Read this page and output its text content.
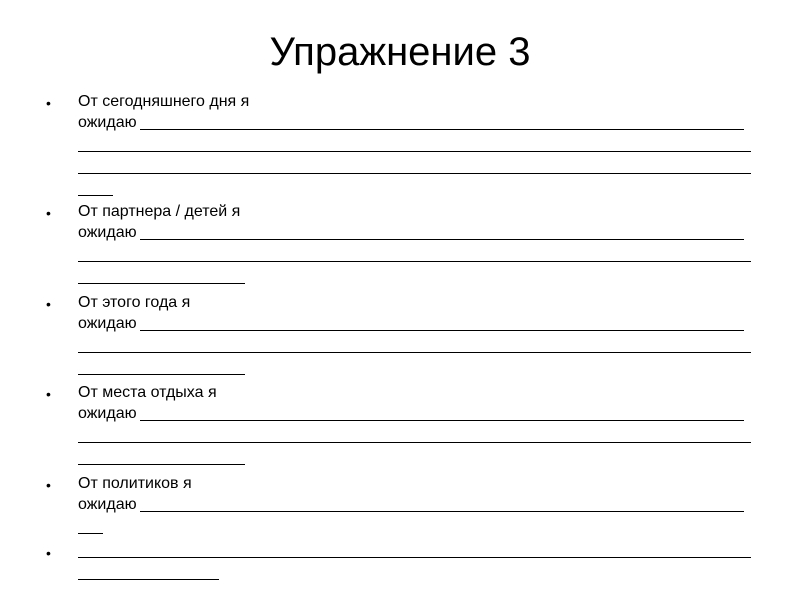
Упражнение 3
• От сегодняшнего дня я
ожидаю
• От партнера / детей я
ожидаю
• От этого года я
ожидаю
• От места отдыха я
ожидаю
• От политиков я
ожидаю
•
